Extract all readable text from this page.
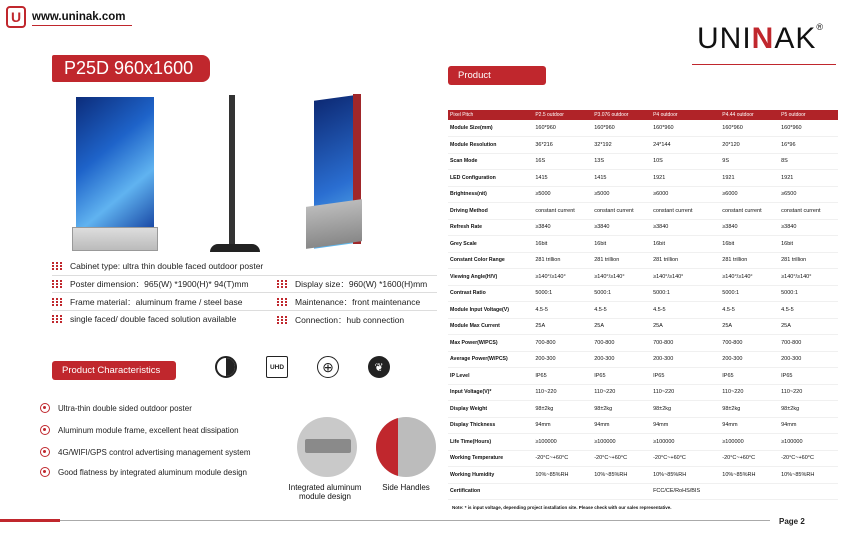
U www.uninak.com
UNINAK®
P25D 960x1600
Cabinet type: ultra thin double faced outdoor poster
Poster dimension：965(W) *1900(H)* 94(T)mm
Frame material：aluminum frame / steel base
single faced/ double faced solution available
Display size：960(W) *1600(H)mm
Maintenance：front maintenance
Connection：hub connection
Product Characteristics	UHD	⊕	❦
Ultra-thin double sided outdoor poster
Aluminum module frame, excellent heat dissipation
4G/WIFI/GPS control advertising management system
Good flatness by integrated aluminum module design
Integrated aluminum
module design
Side Handles
Product Parameter
Pixel Pitch	P2.5 outdoor	P3.076 outdoor	P4 outdoor	P4.44 outdoor	P5 outdoor
Module Size(mm)	160*960	160*960	160*960	160*960	160*960
Module Resolution	36*216	32*192	24*144	20*120	16*96
Scan Mode	16S	13S	10S	9S	8S
LED Configuration	1415	1415	1921	1921	1921
Brightness(nit)	≥5000	≥5000	≥6000	≥6000	≥6500
Driving Method	constant current	constant current	constant current	constant current	constant current
Refresh Rate	≥3840	≥3840	≥3840	≥3840	≥3840
Grey Scale	16bit	16bit	16bit	16bit	16bit
Constant Color Range	281 trillion	281 trillion	281 trillion	281 trillion	281 trillion
Viewing Angle(H/V)	≥140°/≥140°	≥140°/≥140°	≥140°/≥140°	≥140°/≥140°	≥140°/≥140°
Contrast Ratio	5000:1	5000:1	5000:1	5000:1	5000:1
Module Input Voltage(V)	4.5-5	4.5-5	4.5-5	4.5-5	4.5-5
Module Max Current	25A	25A	25A	25A	25A
Max Power(W/PCS)	700-800	700-800	700-800	700-800	700-800
Average Power(W/PCS)	200-300	200-300	200-300	200-300	200-300
IP Level	IP65	IP65	IP65	IP65	IP65
Input Voltage(V)*	110~220	110~220	110~220	110~220	110~220
Display Weight	98±2kg	98±2kg	98±2kg	98±2kg	98±2kg
Display Thickness	94mm	94mm	94mm	94mm	94mm
Life Time(Hours)	≥100000	≥100000	≥100000	≥100000	≥100000
Working Temperature	-20°C~+60°C	-20°C~+60°C	-20°C~+60°C	-20°C~+60°C	-20°C~+60°C
Working Humidity	10%~85%RH	10%~85%RH	10%~85%RH	10%~85%RH	10%~85%RH
Certification			FCC/CE/RoHS/BIS		
Note: * is input voltage, depending project installation site. Please check with our sales representative.
Page 2
